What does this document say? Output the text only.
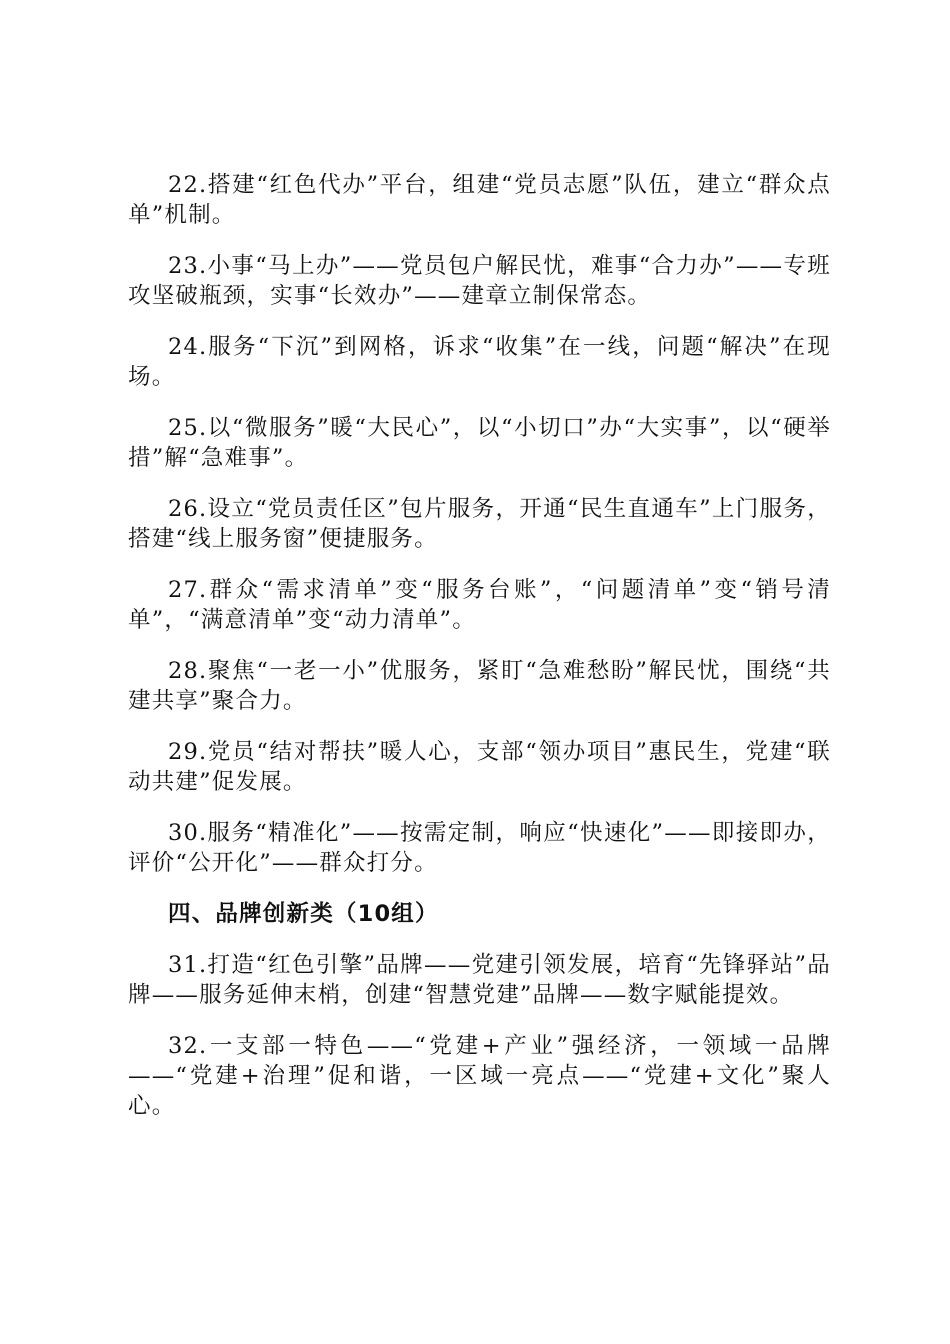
22.搭建“红色代办”平台，组建“党员志愿”队伍，建立“群众点单”机制。

23.小事“马上办”——党员包户解民忧，难事“合力办”——专班攻坚破瓶颈，实事“长效办”——建章立制保常态。

24.服务“下沉”到网格，诉求“收集”在一线，问题“解决”在现场。

25.以“微服务”暖“大民心”，以“小切口”办“大实事”，以“硬举措”解“急难事”。

26.设立“党员责任区”包片服务，开通“民生直通车”上门服务，搭建“线上服务窗”便捷服务。

27.群众“需求清单”变“服务台账”，“问题清单”变“销号清单”，“满意清单”变“动力清单”。

28.聚焦“一老一小”优服务，紧盯“急难愁盼”解民忧，围绕“共建共享”聚合力。

29.党员“结对帮扶”暖人心，支部“领办项目”惠民生，党建“联动共建”促发展。

30.服务“精准化”——按需定制，响应“快速化”——即接即办，评价“公开化”——群众打分。

四、品牌创新类（10组）

31.打造“红色引擎”品牌——党建引领发展，培育“先锋驿站”品牌——服务延伸末梢，创建“智慧党建”品牌——数字赋能提效。

32.一支部一特色——“党建+产业”强经济，一领域一品牌——“党建+治理”促和谐，一区域一亮点——“党建+文化”聚人心。
